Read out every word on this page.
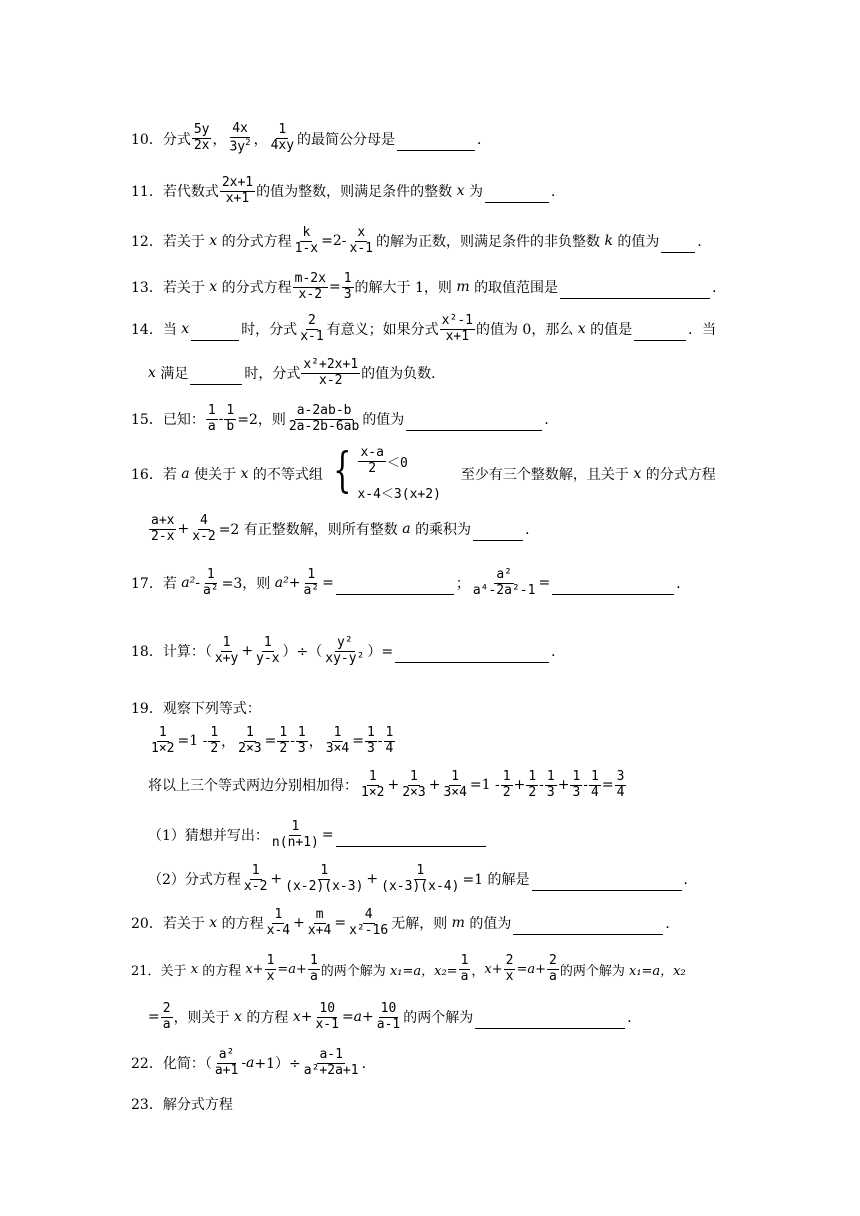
10． 分式 $\frac{5y}{2x}$ ， $\frac{4x}{3y^2}$ ， $\frac{1}{4xy}$ 的最简公分母是	．
11． 若代数式 $\frac{2x+1}{x+1}$ 的值为整数，则满足条件的整数
x
为	．
12． 若关于
x
的分式方程 $\frac{k}{1-x} =2- \frac{x}{x-1}$ 的解为正数，则满足条件的非负整数
k
的值为	．
13． 若关于
x
的分式方程 $\frac{m-2x}{x-2} = \frac{1}{3}$ 的解大于 1，则
m
的取值范围是	．
14． 当
x	时，分式 $\frac{2}{x-1}$ 有意义；如果分式 $\frac{\text{x²-1}}{x+1}$ 的值为 0，那么
x
的值是	．当
x
满足	时，分式 $\frac{\text{x²+2x+1}}{x-2}$ 的值为负数．
15． 已知： $\frac{1}{a} - \frac{1}{b} =2$，则 $\frac{a-2ab-b}{2a-2b-6ab}$ 的值为	．
16． 若
a
使关于
x
的不等式组 { $\frac{x-a}{2} <0$
x-4＜3(x+2)
至少有三个整数解，且关于
x
的分式方程
$\frac{a+x}{2-x} + \frac{4}{x-2} =2$ 有正整数解，则所有整数
a
的乘积为	．
17． 若
$a^2 - \frac{1}{\text{a²}} =3$，则
$a^2 + \frac{1}{\text{a²}}$ =	； $\frac{\text{a²}}{\text{a⁴-2a²-1}}$ =	．
18． 计算：（ $\frac{1}{x+y} + \frac{1}{y-x}$ ）÷（ $\frac{\text{y²}}{\text{xy-y²}}$ ）=	．
19． 观察下列等式：
$\frac{1}{1\times 2} =1 - \frac{1}{2}$ ， $\frac{1}{2\times 3} = \frac{1}{2} - \frac{1}{3}$ ， $\frac{1}{3\times 4} = \frac{1}{3} - \frac{1}{4}$
将以上三个等式两边分别相加得： $\frac{1}{1\times 2} + \frac{1}{2\times 3} + \frac{1}{3\times 4} =1 - \frac{1}{2} + \frac{1}{2} - \frac{1}{3} + \frac{1}{3} - \frac{1}{4} = \frac{3}{4}$
（1）猜想并写出： $\frac{1}{n(n+1)}$ =
（2）分式方程 $\frac{1}{x-2} + \frac{1}{(x-2)(x-3)} + \frac{1}{(x-3)(x-4)} =1$ 的解是	．
20． 若关于
x
的方程 $\frac{1}{x-4} + \frac{m}{x+4} = \frac{4}{\text{x²-16}}$ 无解，则
m
的值为	．
21． 关于
x
的方程
$x+ \frac{1}{x} =a+ \frac{1}{a}$ 的两个解为
x₁=a，$x_2= \frac{1}{a}$ ， $x+ \frac{2}{x} =a+ \frac{2}{a}$ 的两个解为
x₁=a，x₂
= $\frac{2}{a}$ ，则关于
x
的方程
$x+ \frac{10}{x-1} =a+ \frac{10}{a-1}$ 的两个解为	．
22． 化简：（ $\frac{\text{a²}}{a+1} - a +1)\div \frac{a-1}{\text{a²+2a+1}}$ ．
23． 解分式方程
